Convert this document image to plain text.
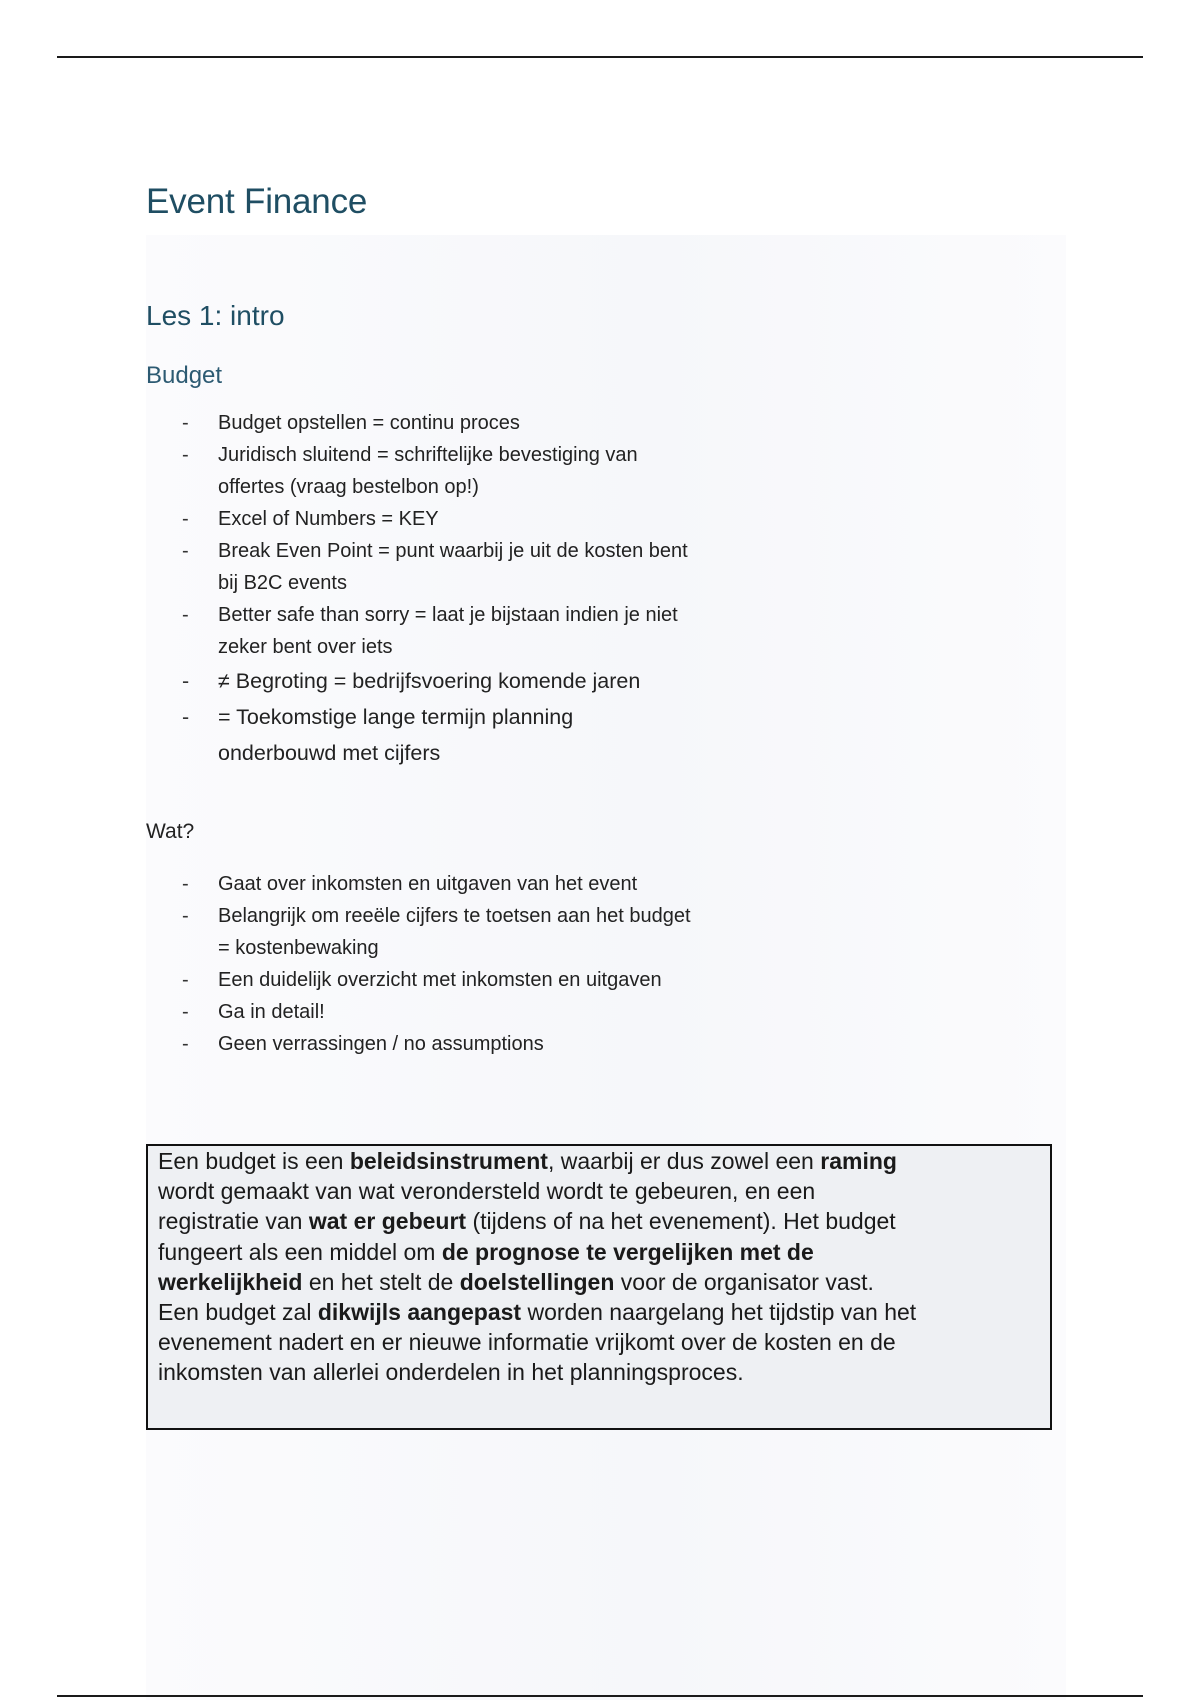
Event Finance
Les 1: intro
Budget
- Budget opstellen = continu proces
- Juridisch sluitend = schriftelijke bevestiging van offertes (vraag bestelbon op!)
- Excel of Numbers = KEY
- Break Even Point = punt waarbij je uit de kosten bent bij B2C events
- Better safe than sorry = laat je bijstaan indien je niet zeker bent over iets
- ≠ Begroting = bedrijfsvoering komende jaren
- = Toekomstige lange termijn planning onderbouwd met cijfers
Wat?
- Gaat over inkomsten en uitgaven van het event
- Belangrijk om reeële cijfers te toetsen aan het budget = kostenbewaking
- Een duidelijk overzicht met inkomsten en uitgaven
- Ga in detail!
- Geen verrassingen / no assumptions

Een budget is een beleidsinstrument, waarbij er dus zowel een raming wordt gemaakt van wat verondersteld wordt te gebeuren, en een registratie van wat er gebeurt (tijdens of na het evenement). Het budget fungeert als een middel om de prognose te vergelijken met de werkelijkheid en het stelt de doelstellingen voor de organisator vast. Een budget zal dikwijls aangepast worden naargelang het tijdstip van het evenement nadert en er nieuwe informatie vrijkomt over de kosten en de inkomsten van allerlei onderdelen in het planningsproces.
